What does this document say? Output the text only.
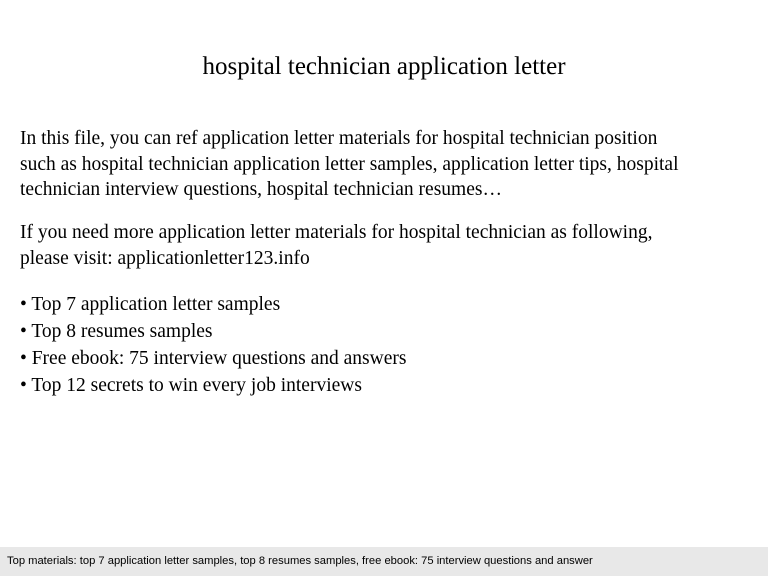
hospital technician application letter
In this file, you can ref application letter materials for hospital technician position
such as hospital technician application letter samples, application letter tips, hospital
technician interview questions, hospital technician resumes…
If you need more application letter materials for hospital technician as following,
please visit: applicationletter123.info
• Top 7 application letter samples
• Top 8 resumes samples
• Free ebook: 75 interview questions and answers
• Top 12 secrets to win every job interviews
Top materials: top 7 application letter samples, top 8 resumes samples, free ebook: 75 interview questions and answer
